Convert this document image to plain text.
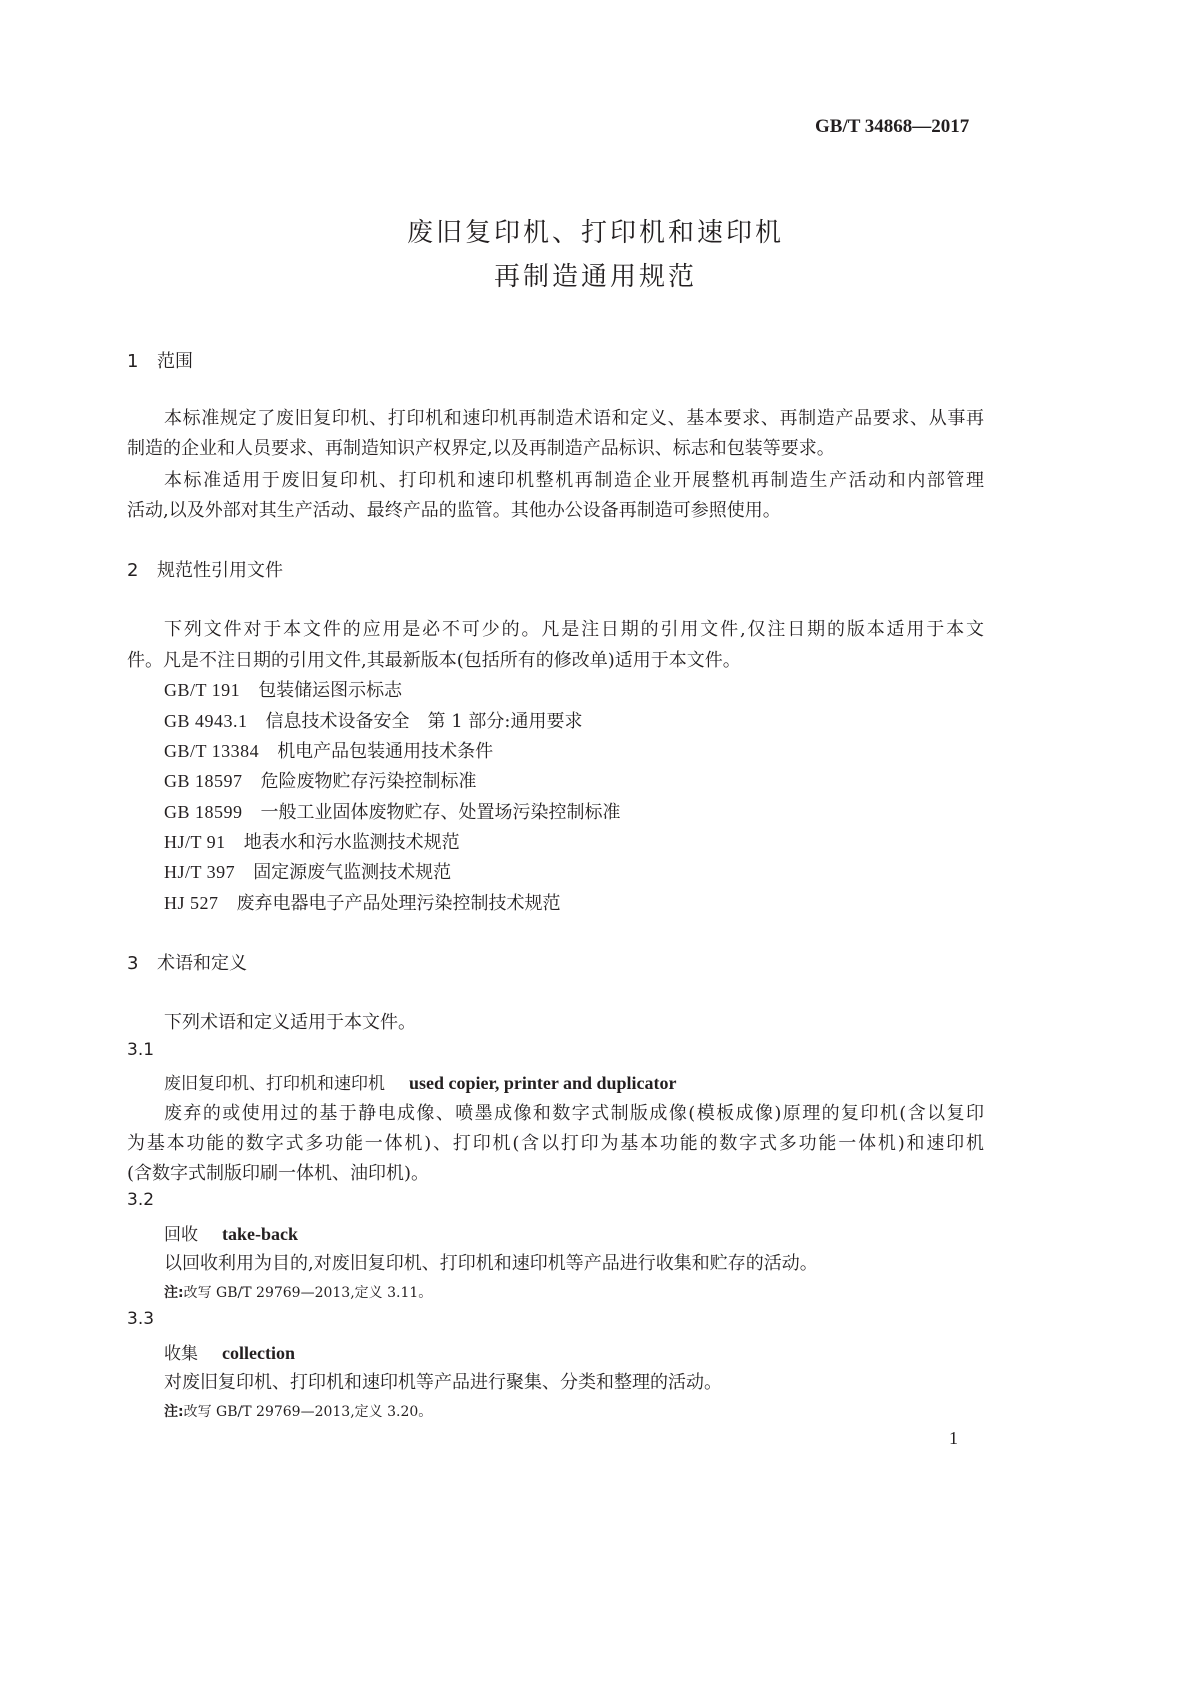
GB/T 34868—2017
废旧复印机、打印机和速印机
再制造通用规范
1 范围
本标准规定了废旧复印机、打印机和速印机再制造术语和定义、基本要求、再制造产品要求、从事再
制造的企业和人员要求、再制造知识产权界定,以及再制造产品标识、标志和包装等要求。
本标准适用于废旧复印机、打印机和速印机整机再制造企业开展整机再制造生产活动和内部管理
活动,以及外部对其生产活动、最终产品的监管。其他办公设备再制造可参照使用。
2 规范性引用文件
下列文件对于本文件的应用是必不可少的。凡是注日期的引用文件,仅注日期的版本适用于本文
件。凡是不注日期的引用文件,其最新版本(包括所有的修改单)适用于本文件。
GB/T 191　 包装储运图示标志
GB 4943.1　 信息技术设备安全　第 1 部分:通用要求
GB/T 13384　 机电产品包装通用技术条件
GB 18597　 危险废物贮存污染控制标准
GB 18599　 一般工业固体废物贮存、处置场污染控制标准
HJ/T 91　 地表水和污水监测技术规范
HJ/T 397　 固定源废气监测技术规范
HJ 527　 废弃电器电子产品处理污染控制技术规范
3 术语和定义
下列术语和定义适用于本文件。
3.1
废旧复印机、打印机和速印机 used copier, printer and duplicator
废弃的或使用过的基于静电成像、喷墨成像和数字式制版成像(模板成像)原理的复印机(含以复印
为基本功能的数字式多功能一体机)、打印机(含以打印为基本功能的数字式多功能一体机)和速印机
(含数字式制版印刷一体机、油印机)。
3.2
回收 take-back
以回收利用为目的,对废旧复印机、打印机和速印机等产品进行收集和贮存的活动。
注:改写 GB/T 29769—2013,定义 3.11。
3.3
收集 collection
对废旧复印机、打印机和速印机等产品进行聚集、分类和整理的活动。
注:改写 GB/T 29769—2013,定义 3.20。
1
